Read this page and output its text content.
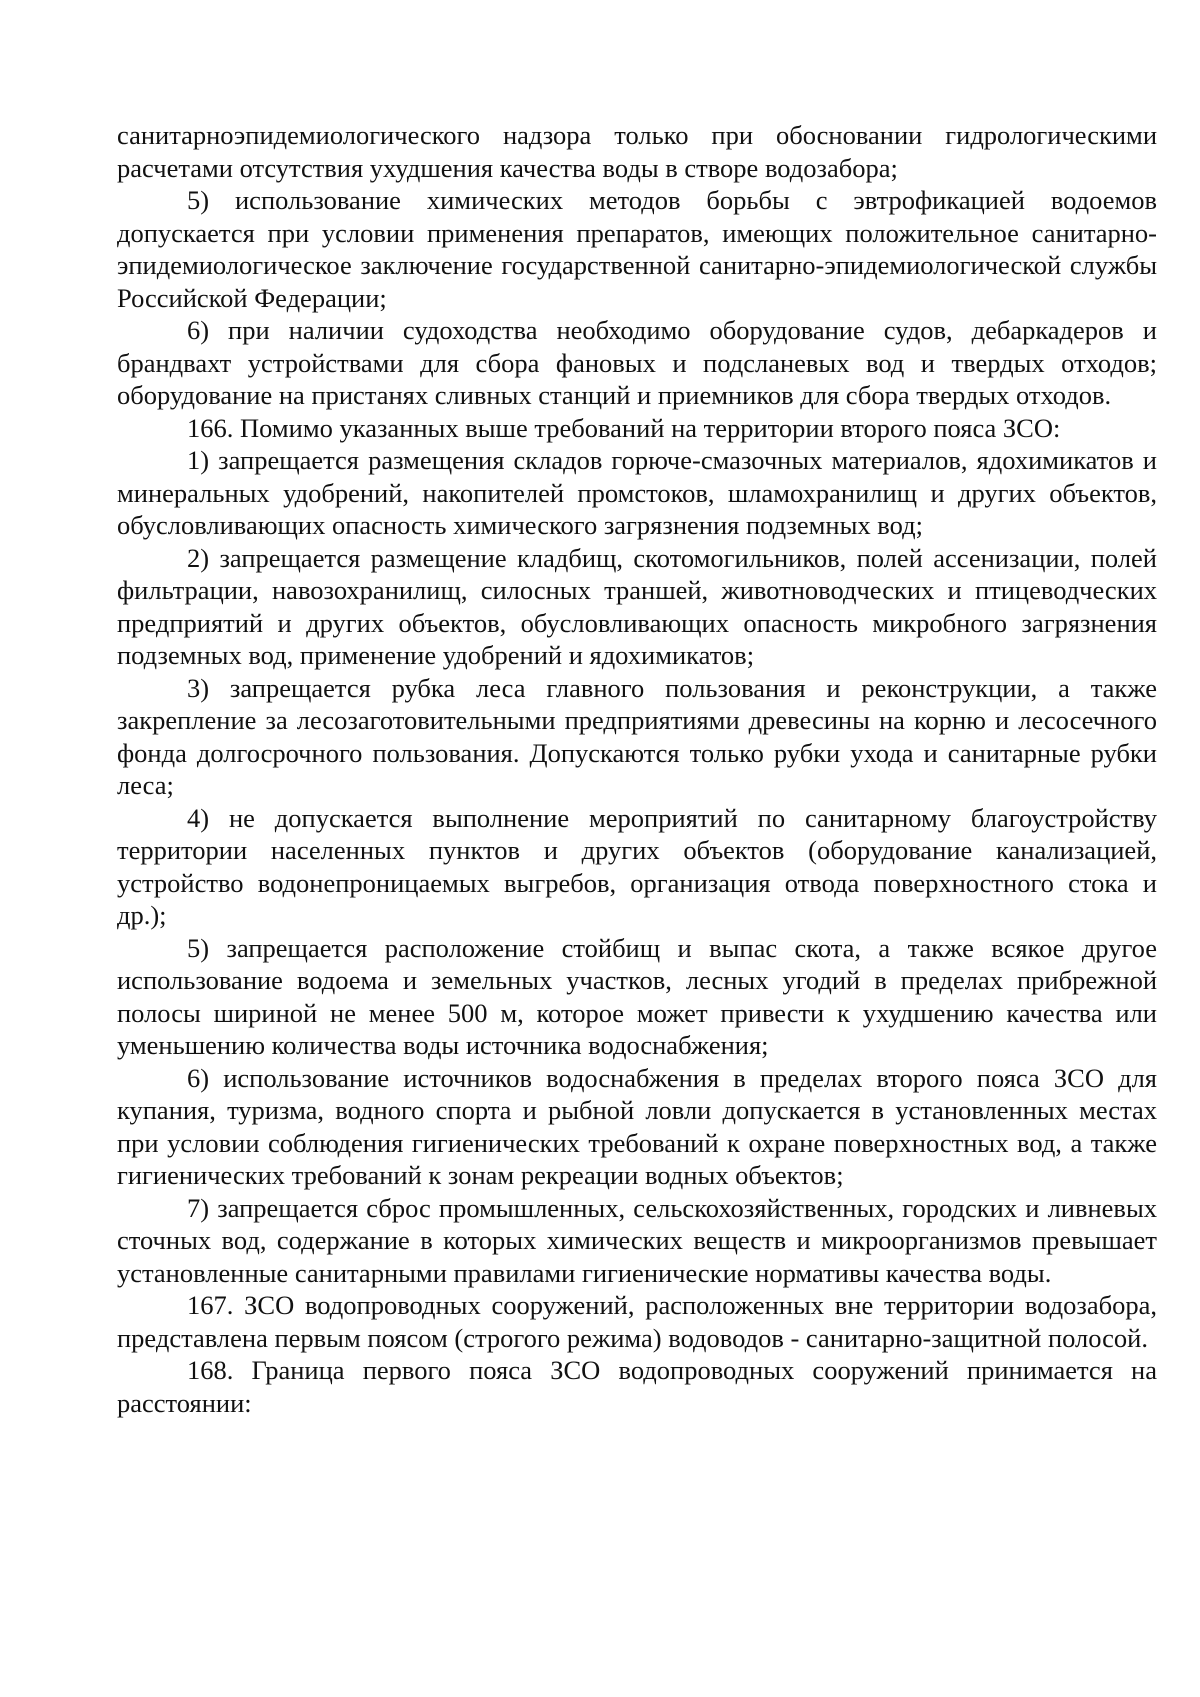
санитарноэпидемиологического надзора только при обосновании гидрологическими расчетами отсутствия ухудшения качества воды в створе водозабора;

5) использование химических методов борьбы с эвтрофикацией водоемов допускается при условии применения препаратов, имеющих положительное санитарно-эпидемиологическое заключение государственной санитарно-эпидемиологической службы Российской Федерации;

6) при наличии судоходства необходимо оборудование судов, дебаркадеров и брандвахт устройствами для сбора фановых и подсланевых вод и твердых отходов; оборудование на пристанях сливных станций и приемников для сбора твердых отходов.

166. Помимо указанных выше требований на территории второго пояса ЗСО:

1) запрещается размещения складов горюче-смазочных материалов, ядохимикатов и минеральных удобрений, накопителей промстоков, шламохранилищ и других объектов, обусловливающих опасность химического загрязнения подземных вод;

2) запрещается размещение кладбищ, скотомогильников, полей ассенизации, полей фильтрации, навозохранилищ, силосных траншей, животноводческих и птицеводческих предприятий и других объектов, обусловливающих опасность микробного загрязнения подземных вод, применение удобрений и ядохимикатов;

3) запрещается рубка леса главного пользования и реконструкции, а также закрепление за лесозаготовительными предприятиями древесины на корню и лесосечного фонда долгосрочного пользования. Допускаются только рубки ухода и санитарные рубки леса;

4) не допускается выполнение мероприятий по санитарному благоустройству территории населенных пунктов и других объектов (оборудование канализацией, устройство водонепроницаемых выгребов, организация отвода поверхностного стока и др.);

5) запрещается расположение стойбищ и выпас скота, а также всякое другое использование водоема и земельных участков, лесных угодий в пределах прибрежной полосы шириной не менее 500 м, которое может привести к ухудшению качества или уменьшению количества воды источника водоснабжения;

6) использование источников водоснабжения в пределах второго пояса ЗСО для купания, туризма, водного спорта и рыбной ловли допускается в установленных местах при условии соблюдения гигиенических требований к охране поверхностных вод, а также гигиенических требований к зонам рекреации водных объектов;

7) запрещается сброс промышленных, сельскохозяйственных, городских и ливневых сточных вод, содержание в которых химических веществ и микроорганизмов превышает установленные санитарными правилами гигиенические нормативы качества воды.

167. ЗСО водопроводных сооружений, расположенных вне территории водозабора, представлена первым поясом (строгого режима) водоводов - санитарно-защитной полосой.

168. Граница первого пояса ЗСО водопроводных сооружений принимается на расстоянии:
